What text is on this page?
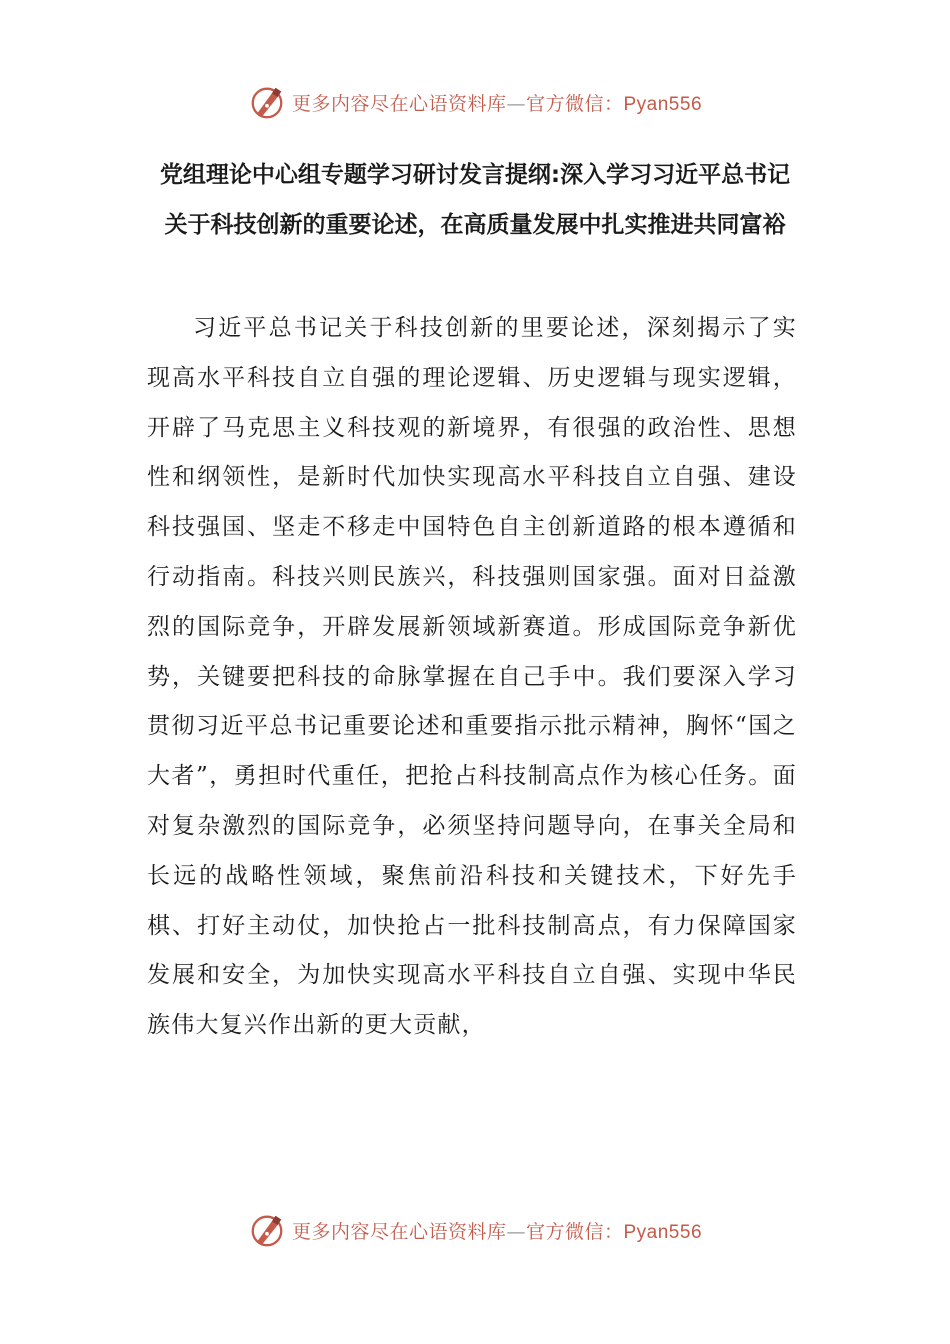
更多内容尽在心语资料库—官方微信：Pyan556
党组理论中心组专题学习研讨发言提纲:深入学习习近平总书记关于科技创新的重要论述，在高质量发展中扎实推进共同富裕

习近平总书记关于科技创新的里要论述，深刻揭示了实现高水平科技自立自强的理论逻辑、历史逻辑与现实逻辑，开辟了马克思主义科技观的新境界，有很强的政治性、思想性和纲领性，是新时代加快实现高水平科技自立自强、建设科技强国、坚走不移走中国特色自主创新道路的根本遵循和行动指南。科技兴则民族兴，科技强则国家强。面对日益激烈的国际竞争，开辟发展新领域新赛道。形成国际竞争新优势，关键要把科技的命脉掌握在自己手中。我们要深入学习贯彻习近平总书记重要论述和重要指示批示精神，胸怀“国之大者”，勇担时代重任，把抢占科技制高点作为核心任务。面对复杂激烈的国际竞争，必须坚持问题导向，在事关全局和长远的战略性领域，聚焦前沿科技和关键技术，下好先手棋、打好主动仗，加快抢占一批科技制高点，有力保障国家发展和安全，为加快实现高水平科技自立自强、实现中华民族伟大复兴作出新的更大贡献，

更多内容尽在心语资料库—官方微信：Pyan556
